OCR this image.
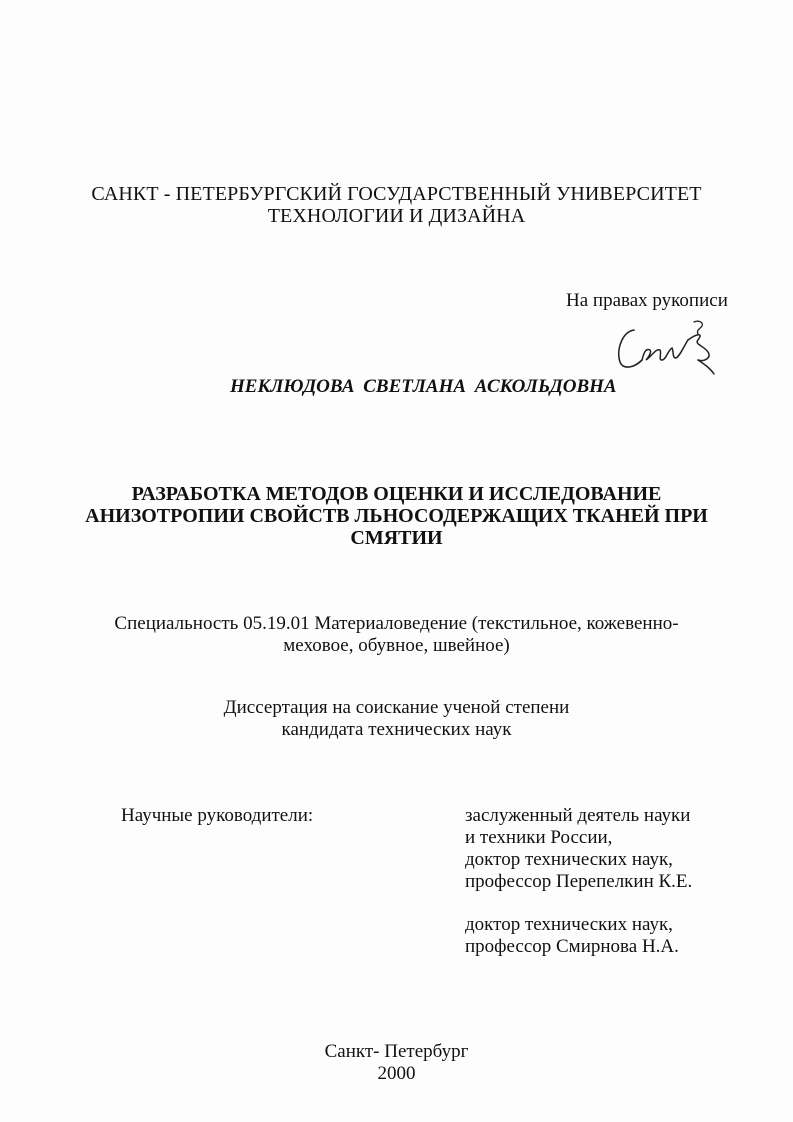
САНКТ - ПЕТЕРБУРГСКИЙ ГОСУДАРСТВЕННЫЙ УНИВЕРСИТЕТ
ТЕХНОЛОГИИ И ДИЗАЙНА
На правах рукописи
НЕКЛЮДОВА СВЕТЛАНА АСКОЛЬДОВНА
РАЗРАБОТКА МЕТОДОВ ОЦЕНКИ И ИССЛЕДОВАНИЕ
АНИЗОТРОПИИ СВОЙСТВ ЛЬНОСОДЕРЖАЩИХ ТКАНЕЙ ПРИ
СМЯТИИ
Специальность 05.19.01 Материаловедение (текстильное, кожевенно-
меховое, обувное, швейное)
Диссертация на соискание ученой степени
кандидата технических наук
Научные руководители:	заслуженный деятель науки
и техники России,
доктор технических наук,
профессор Перепелкин К.Е.
доктор технических наук,
профессор Смирнова Н.А.
Санкт- Петербург
2000
